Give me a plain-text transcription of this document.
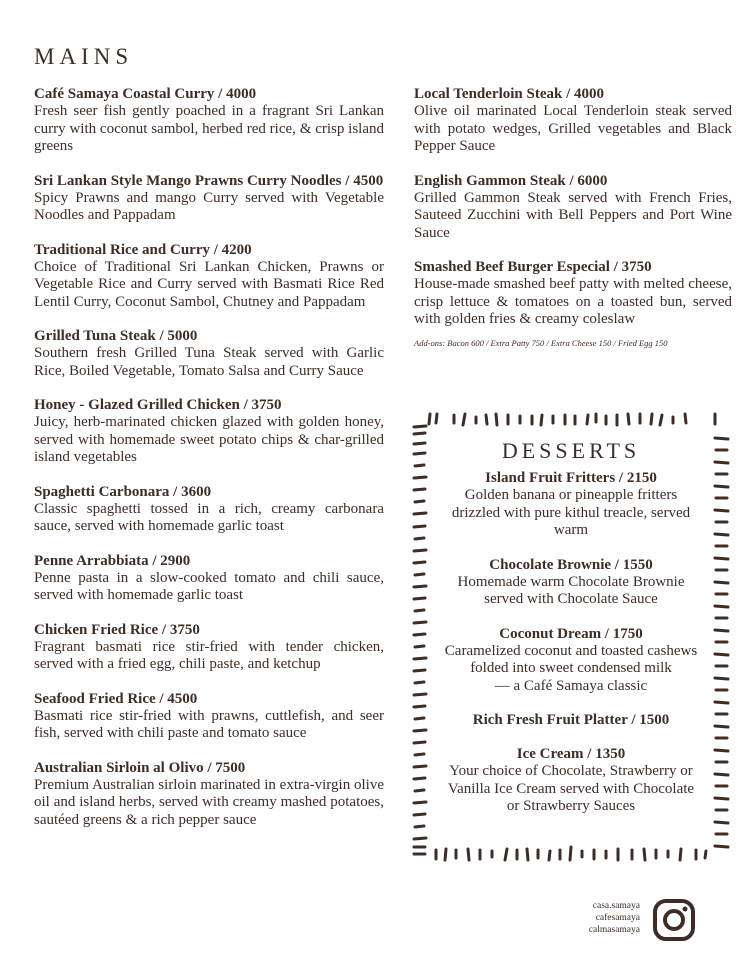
MAINS
Café Samaya Coastal Curry / 4000
Fresh seer fish gently poached in a fragrant Sri Lankan curry with coconut sambol, herbed red rice, & crisp island greens
Sri Lankan Style Mango Prawns Curry Noodles / 4500
Spicy Prawns and mango Curry served with Vegetable Noodles and Pappadam
Traditional Rice and Curry / 4200
Choice of Traditional Sri Lankan Chicken, Prawns or Vegetable Rice and Curry served with Basmati Rice Red Lentil Curry, Coconut Sambol, Chutney and Pappadam
Grilled Tuna Steak / 5000
Southern fresh Grilled Tuna Steak served with Garlic Rice, Boiled Vegetable, Tomato Salsa and Curry Sauce
Honey - Glazed Grilled Chicken / 3750
Juicy, herb-marinated chicken glazed with golden honey, served with homemade sweet potato chips & char-grilled island vegetables
Spaghetti Carbonara / 3600
Classic spaghetti tossed in a rich, creamy carbonara sauce, served with homemade garlic toast
Penne Arrabbiata / 2900
Penne pasta in a slow-cooked tomato and chili sauce, served with homemade garlic toast
Chicken Fried Rice / 3750
Fragrant basmati rice stir-fried with tender chicken, served with a fried egg, chili paste, and ketchup
Seafood Fried Rice / 4500
Basmati rice stir-fried with prawns, cuttlefish, and seer fish, served with chili paste and tomato sauce
Australian Sirloin al Olivo / 7500
Premium Australian sirloin marinated in extra-virgin olive oil and island herbs, served with creamy mashed potatoes, sautéed greens & a rich pepper sauce
Local Tenderloin Steak / 4000
Olive oil marinated Local Tenderloin steak served with potato wedges, Grilled vegetables and Black Pepper Sauce
English Gammon Steak / 6000
Grilled Gammon Steak served with French Fries, Sauteed Zucchini with Bell Peppers and Port Wine Sauce
Smashed Beef Burger Especial / 3750
House-made smashed beef patty with melted cheese, crisp lettuce & tomatoes on a toasted bun, served with golden fries & creamy coleslaw
Add-ons: Bacon 600 / Extra Patty 750 / Extra Cheese 150 / Fried Egg 150
DESSERTS
Island Fruit Fritters / 2150
Golden banana or pineapple fritters drizzled with pure kithul treacle, served warm
Chocolate Brownie / 1550
Homemade warm Chocolate Brownie served with Chocolate Sauce
Coconut Dream / 1750
Caramelized coconut and toasted cashews folded into sweet condensed milk
— a Café Samaya classic
Rich Fresh Fruit Platter / 1500
Ice Cream / 1350
Your choice of Chocolate, Strawberry or Vanilla Ice Cream served with Chocolate or Strawberry Sauces
casa.samaya
cafesamaya
calmasamaya
